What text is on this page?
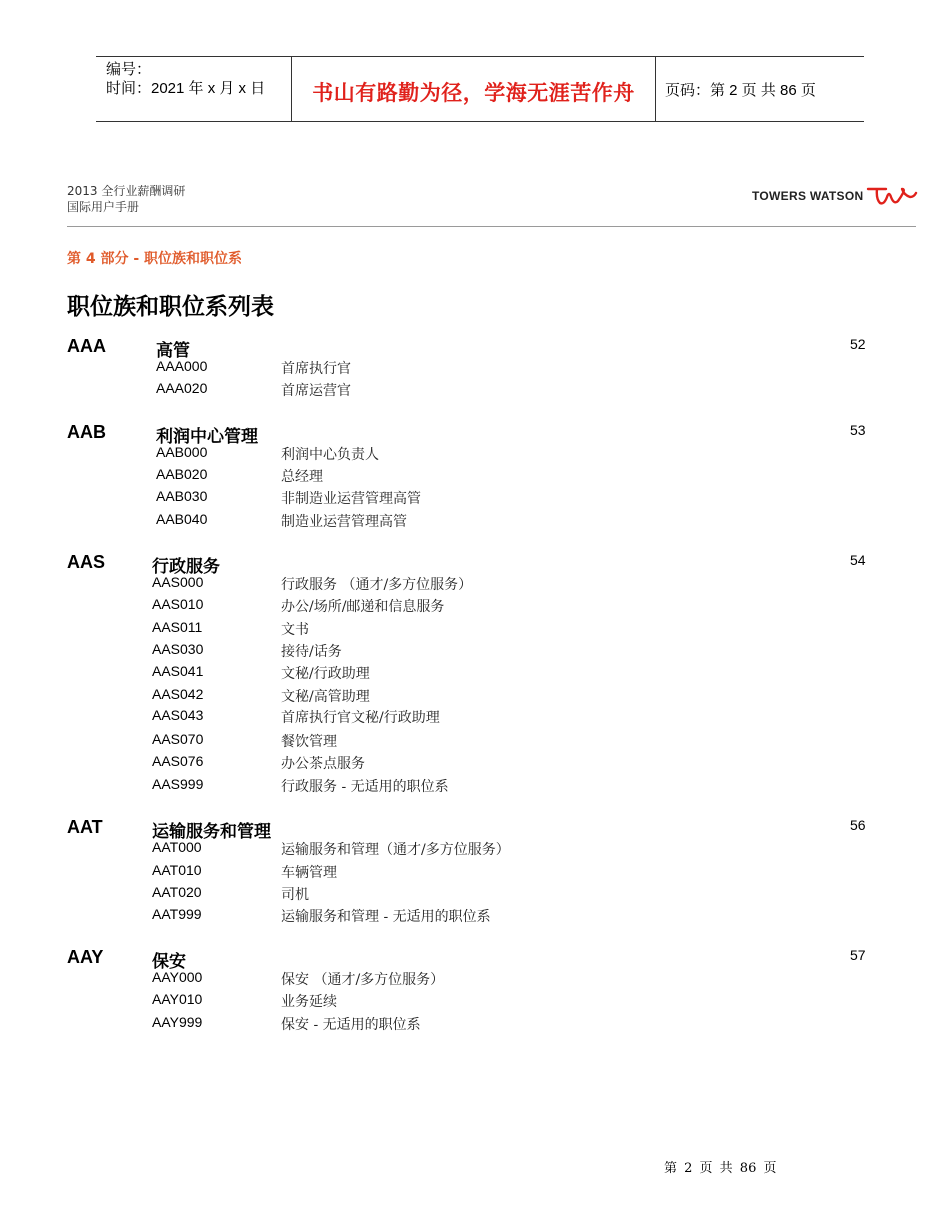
编号：
时间：2021 年 x 月 x 日	书山有路勤为径，学海无涯苦作舟	页码：第 2 页 共 86 页
2013 全行业薪酬调研
国际用户手册
TOWERS WATSON
第 4 部分 - 职位族和职位系
职位族和职位系列表
AAA	高管	52
AAA000	首席执行官
AAA020	首席运营官
AAB	利润中心管理	53
AAB000	利润中心负责人
AAB020	总经理
AAB030	非制造业运营管理高管
AAB040	制造业运营管理高管
AAS	行政服务	54
AAS000	行政服务 （通才/多方位服务）
AAS010	办公/场所/邮递和信息服务
AAS011	文书
AAS030	接待/话务
AAS041	文秘/行政助理
AAS042	文秘/高管助理
AAS043	首席执行官文秘/行政助理
AAS070	餐饮管理
AAS076	办公茶点服务
AAS999	行政服务 - 无适用的职位系
AAT	运输服务和管理	56
AAT000	运输服务和管理（通才/多方位服务）
AAT010	车辆管理
AAT020	司机
AAT999	运输服务和管理 - 无适用的职位系
AAY	保安	57
AAY000	保安 （通才/多方位服务）
AAY010	业务延续
AAY999	保安 - 无适用的职位系
第 2 页 共 86 页
